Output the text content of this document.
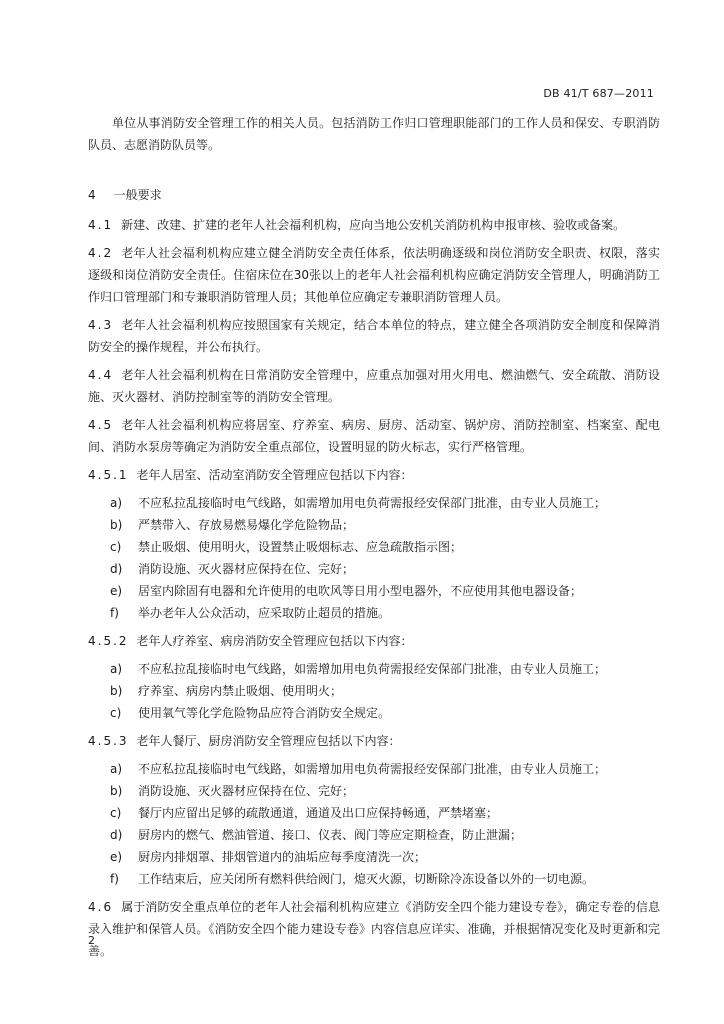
DB 41/T 687—2011

单位从事消防安全管理工作的相关人员。包括消防工作归口管理职能部门的工作人员和保安、专职消防队员、志愿消防队员等。

4 一般要求

4.1 新建、改建、扩建的老年人社会福利机构，应向当地公安机关消防机构申报审核、验收或备案。

4.2 老年人社会福利机构应建立健全消防安全责任体系，依法明确逐级和岗位消防安全职责、权限，落实逐级和岗位消防安全责任。住宿床位在30张以上的老年人社会福利机构应确定消防安全管理人，明确消防工作归口管理部门和专兼职消防管理人员；其他单位应确定专兼职消防管理人员。

4.3 老年人社会福利机构应按照国家有关规定，结合本单位的特点，建立健全各项消防安全制度和保障消防安全的操作规程，并公布执行。

4.4 老年人社会福利机构在日常消防安全管理中，应重点加强对用火用电、燃油燃气、安全疏散、消防设施、灭火器材、消防控制室等的消防安全管理。

4.5 老年人社会福利机构应将居室、疗养室、病房、厨房、活动室、锅炉房、消防控制室、档案室、配电间、消防水泵房等确定为消防安全重点部位，设置明显的防火标志，实行严格管理。

4.5.1 老年人居室、活动室消防安全管理应包括以下内容：

a)	不应私拉乱接临时电气线路，如需增加用电负荷需报经安保部门批准，由专业人员施工；
b)	严禁带入、存放易燃易爆化学危险物品；
c)	禁止吸烟、使用明火，设置禁止吸烟标志、应急疏散指示图；
d)	消防设施、灭火器材应保持在位、完好；
e)	居室内除固有电器和允许使用的电吹风等日用小型电器外，不应使用其他电器设备；
f)	举办老年人公众活动，应采取防止超员的措施。

4.5.2 老年人疗养室、病房消防安全管理应包括以下内容：

a)	不应私拉乱接临时电气线路，如需增加用电负荷需报经安保部门批准，由专业人员施工；
b)	疗养室、病房内禁止吸烟、使用明火；
c)	使用氧气等化学危险物品应符合消防安全规定。

4.5.3 老年人餐厅、厨房消防安全管理应包括以下内容：

a)	不应私拉乱接临时电气线路，如需增加用电负荷需报经安保部门批准，由专业人员施工；
b)	消防设施、灭火器材应保持在位、完好；
c)	餐厅内应留出足够的疏散通道，通道及出口应保持畅通，严禁堵塞；
d)	厨房内的燃气、燃油管道、接口、仪表、阀门等应定期检查，防止泄漏；
e)	厨房内排烟罩、排烟管道内的油垢应每季度清洗一次；
f)	工作结束后，应关闭所有燃料供给阀门，熄灭火源，切断除冷冻设备以外的一切电源。

4.6 属于消防安全重点单位的老年人社会福利机构应建立《消防安全四个能力建设专卷》，确定专卷的信息录入维护和保管人员。《消防安全四个能力建设专卷》内容信息应详实、准确，并根据情况变化及时更新和完善。

2
